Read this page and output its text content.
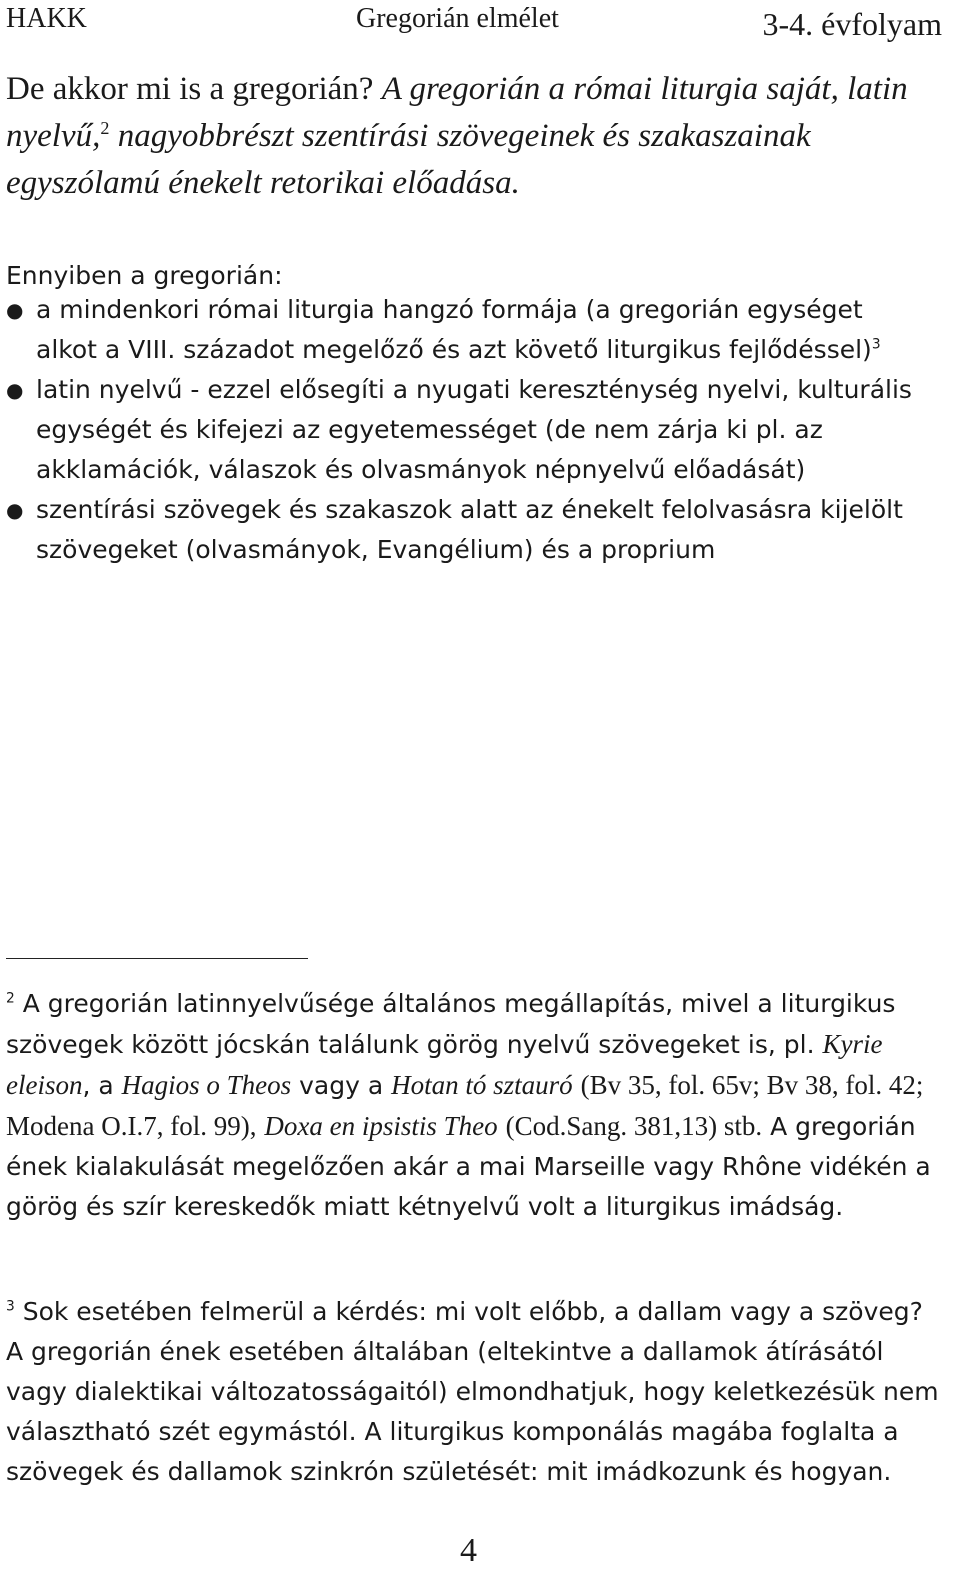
HAKK	Gregorián elmélet	3-4. évfolyam
De akkor mi is a gregorián? A gregorián a római liturgia saját, latin nyelvű,$^2$ nagyobbrészt szentírási szövegeinek és szakaszainak egyszólamú énekelt retorikai előadása.
Ennyiben a gregorián:
● a mindenkori római liturgia hangzó formája (a gregorián egységet alkot a VIII. századot megelőző és azt követő liturgikus fejlődéssel)$^3$
● latin nyelvű - ezzel elősegíti a nyugati kereszténység nyelvi, kulturális egységét és kifejezi az egyetemességet (de nem zárja ki pl. az akklamációk, válaszok és olvasmányok népnyelvű előadását)
● szentírási szövegek és szakaszok alatt az énekelt felolvasásra kijelölt szövegeket (olvasmányok, Evangélium) és a proprium
$^2$ A gregorián latinnyelvűsége általános megállapítás, mivel a liturgikus szövegek között jócskán találunk görög nyelvű szövegeket is, pl. Kyrie eleison, a Hagios o Theos vagy a Hotan tó sztauró (Bv 35, fol. 65v; Bv 38, fol. 42; Modena O.I.7, fol. 99), Doxa en ipsistis Theo (Cod.Sang. 381,13) stb. A gregorián ének kialakulását megelőzően akár a mai Marseille vagy Rhône vidékén a görög és szír kereskedők miatt kétnyelvű volt a liturgikus imádság.
$^3$ Sok esetében felmerül a kérdés: mi volt előbb, a dallam vagy a szöveg? A gregorián ének esetében általában (eltekintve a dallamok átírásától vagy dialektikai változatosságaitól) elmondhatjuk, hogy keletkezésük nem választható szét egymástól. A liturgikus komponálás magába foglalta a szövegek és dallamok szinkrón születését: mit imádkozunk és hogyan.
4
